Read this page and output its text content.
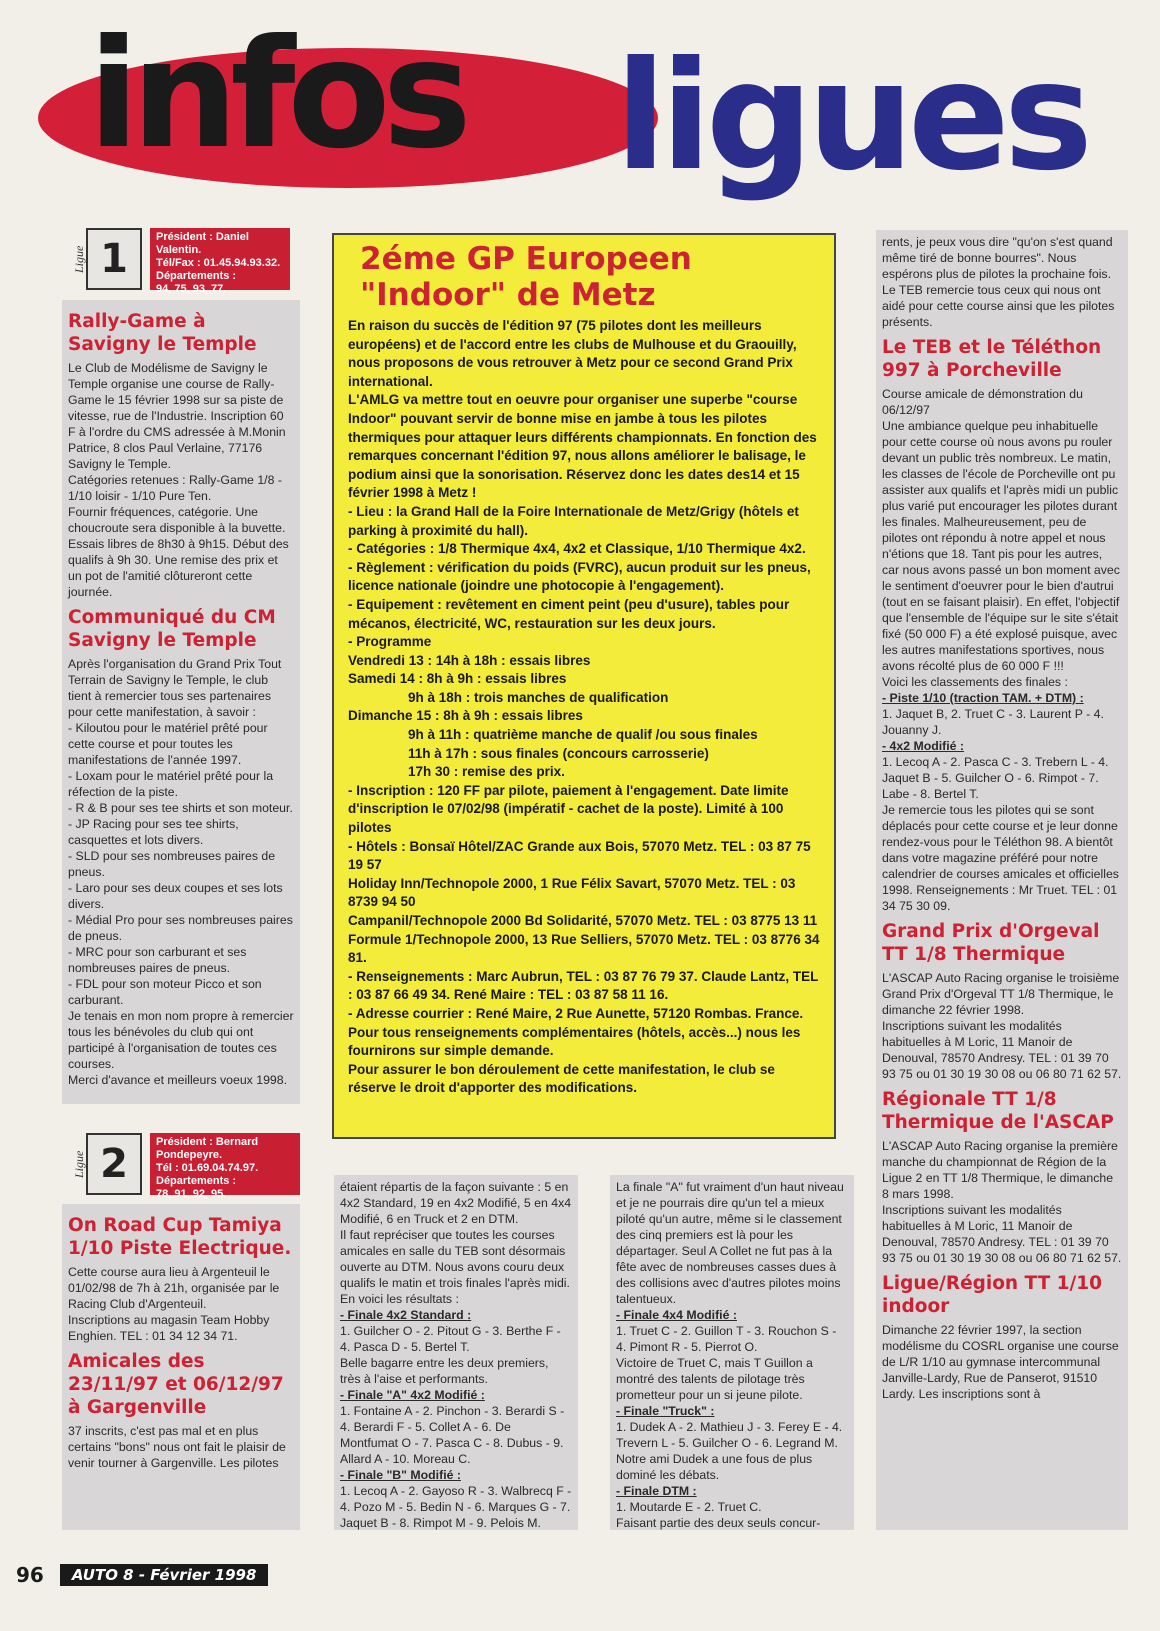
infos ligues
Ligue 1	Président : Daniel Valentin.
Tél/Fax : 01.45.94.93.32.
Départements :
94, 75, 93, 77.
Rally-Game à Savigny le Temple

Le Club de Modélisme de Savigny le Temple organise une course de Rally-Game le 15 février 1998 sur sa piste de vitesse, rue de l'Industrie. Inscription 60 F à l'ordre du CMS adressée à M.Monin Patrice, 8 clos Paul Verlaine, 77176 Savigny le Temple.
Catégories retenues : Rally-Game 1/8 - 1/10 loisir - 1/10 Pure Ten.
Fournir fréquences, catégorie. Une choucroute sera disponible à la buvette. Essais libres de 8h30 à 9h15. Début des qualifs à 9h 30. Une remise des prix et un pot de l'amitié clôtureront cette journée.

Communiqué du CM Savigny le Temple

Après l'organisation du Grand Prix Tout Terrain de Savigny le Temple, le club tient à remercier tous ses partenaires pour cette manifestation, à savoir :
- Kiloutou pour le matériel prêté pour cette course et pour toutes les manifestations de l'année 1997.
- Loxam pour le matériel prêté pour la réfection de la piste.
- R & B pour ses tee shirts et son moteur.
- JP Racing pour ses tee shirts, casquettes et lots divers.
- SLD pour ses nombreuses paires de pneus.
- Laro pour ses deux coupes et ses lots divers.
- Médial Pro pour ses nombreuses paires de pneus.
- MRC pour son carburant et ses nombreuses paires de pneus.
- FDL pour son moteur Picco et son carburant.
Je tenais en mon nom propre à remercier tous les bénévoles du club qui ont participé à l'organisation de toutes ces courses.
Merci d'avance et meilleurs voeux 1998.

2éme GP Europeen "Indoor" de Metz

En raison du succès de l'édition 97 (75 pilotes dont les meilleurs européens) et de l'accord entre les clubs de Mulhouse et du Graouilly, nous proposons de vous retrouver à Metz pour ce second Grand Prix international.

L'AMLG va mettre tout en oeuvre pour organiser une superbe "course Indoor" pouvant servir de bonne mise en jambe à tous les pilotes thermiques pour attaquer leurs différents championnats. En fonction des remarques concernant l'édition 97, nous allons améliorer le balisage, le podium ainsi que la sonorisation. Réservez donc les dates des14 et 15 février 1998 à Metz !

- Lieu : la Grand Hall de la Foire Internationale de Metz/Grigy (hôtels et parking à proximité du hall).

- Catégories : 1/8 Thermique 4x4, 4x2 et Classique, 1/10 Thermique 4x2.

- Règlement : vérification du poids (FVRC), aucun produit sur les pneus, licence nationale (joindre une photocopie à l'engagement).

- Equipement : revêtement en ciment peint (peu d'usure), tables pour mécanos, électricité, WC, restauration sur les deux jours.

- Programme

Vendredi 13 : 14h à 18h : essais libres

Samedi 14 : 8h à 9h : essais libres

9h à 18h : trois manches de qualification

Dimanche 15 : 8h à 9h : essais libres

9h à 11h : quatrième manche de qualif /ou sous finales

11h à 17h : sous finales (concours carrosserie)

17h 30 : remise des prix.

- Inscription : 120 FF par pilote, paiement à l'engagement. Date limite d'inscription le 07/02/98 (impératif - cachet de la poste). Limité à 100 pilotes

- Hôtels : Bonsaï Hôtel/ZAC Grande aux Bois, 57070 Metz. TEL : 03 87 75 19 57

Holiday Inn/Technopole 2000, 1 Rue Félix Savart, 57070 Metz. TEL : 03 8739 94 50

Campanil/Technopole 2000 Bd Solidarité, 57070 Metz. TEL : 03 8775 13 11

Formule 1/Technopole 2000, 13 Rue Selliers, 57070 Metz. TEL : 03 8776 34 81.

- Renseignements : Marc Aubrun, TEL : 03 87 76 79 37. Claude Lantz, TEL : 03 87 66 49 34. René Maire : TEL : 03 87 58 11 16.

- Adresse courrier : René Maire, 2 Rue Aunette, 57120 Rombas. France. Pour tous renseignements complémentaires (hôtels, accès...) nous les fournirons sur simple demande.

Pour assurer le bon déroulement de cette manifestation, le club se réserve le droit d'apporter des modifications.

rents, je peux vous dire "qu'on s'est quand même tiré de bonne bourres". Nous espérons plus de pilotes la prochaine fois.
Le TEB remercie tous ceux qui nous ont aidé pour cette course ainsi que les pilotes présents.

Le TEB et le Téléthon 997 à Porcheville

Course amicale de démonstration du 06/12/97
Une ambiance quelque peu inhabituelle pour cette course où nous avons pu rouler devant un public très nombreux. Le matin, les classes de l'école de Porcheville ont pu assister aux qualifs et l'après midi un public plus varié put encourager les pilotes durant les finales. Malheureusement, peu de pilotes ont répondu à notre appel et nous n'étions que 18. Tant pis pour les autres, car nous avons passé un bon moment avec le sentiment d'oeuvrer pour le bien d'autrui (tout en se faisant plaisir). En effet, l'objectif que l'ensemble de l'équipe sur le site s'était fixé (50 000 F) a été explosé puisque, avec les autres manifestations sportives, nous avons récolté plus de 60 000 F !!!
Voici les classements des finales :

- Piste 1/10 (traction TAM. + DTM) :

1. Jaquet B, 2. Truet C - 3. Laurent P - 4. Jouanny J.

- 4x2 Modifié :

1. Lecoq A - 2. Pasca C - 3. Trebern L - 4. Jaquet B - 5. Guilcher O - 6. Rimpot - 7. Labe - 8. Bertel T.
Je remercie tous les pilotes qui se sont déplacés pour cette course et je leur donne rendez-vous pour le Téléthon 98. A bientôt dans votre magazine préféré pour notre calendrier de courses amicales et officielles 1998. Renseignements : Mr Truet. TEL : 01 34 75 30 09.

Grand Prix d'Orgeval TT 1/8 Thermique

L'ASCAP Auto Racing organise le troisième Grand Prix d'Orgeval TT 1/8 Thermique, le dimanche 22 février 1998.
Inscriptions suivant les modalités habituelles à M Loric, 11 Manoir de Denouval, 78570 Andresy. TEL : 01 39 70 93 75 ou 01 30 19 30 08 ou 06 80 71 62 57.

Régionale TT 1/8 Thermique de l'ASCAP

L'ASCAP Auto Racing organise la première manche du championnat de Région de la Ligue 2 en TT 1/8 Thermique, le dimanche 8 mars 1998.
Inscriptions suivant les modalités habituelles à M Loric, 11 Manoir de Denouval, 78570 Andresy. TEL : 01 39 70 93 75 ou 01 30 19 30 08 ou 06 80 71 62 57.

Ligue/Région TT 1/10 indoor

Dimanche 22 février 1997, la section modélisme du COSRL organise une course de L/R 1/10 au gymnase intercommunal Janville-Lardy, Rue de Panserot, 91510 Lardy. Les inscriptions sont à

Ligue 2	Président : Bernard Pondepeyre.
Tél : 01.69.04.74.97.
Départements :
78, 91, 92, 95.
On Road Cup Tamiya 1/10 Piste Electrique.

Cette course aura lieu à Argenteuil le 01/02/98 de 7h à 21h, organisée par le Racing Club d'Argenteuil.
Inscriptions au magasin Team Hobby Enghien. TEL : 01 34 12 34 71.

Amicales des 23/11/97 et 06/12/97 à Gargenville

37 inscrits, c'est pas mal et en plus certains "bons" nous ont fait le plaisir de venir tourner à Gargenville. Les pilotes

étaient répartis de la façon suivante : 5 en 4x2 Standard, 19 en 4x2 Modifié, 5 en 4x4 Modifié, 6 en Truck et 2 en DTM.
Il faut repréciser que toutes les courses amicales en salle du TEB sont désormais ouverte au DTM. Nous avons couru deux qualifs le matin et trois finales l'après midi.
En voici les résultats :

- Finale 4x2 Standard :

1. Guilcher O - 2. Pitout G - 3. Berthe F - 4. Pasca D - 5. Bertel T.
Belle bagarre entre les deux premiers, très à l'aise et performants.

- Finale "A" 4x2 Modifié :

1. Fontaine A - 2. Pinchon - 3. Berardi S - 4. Berardi F - 5. Collet A - 6. De Montfumat O - 7. Pasca C - 8. Dubus - 9. Allard A - 10. Moreau C.

- Finale "B" Modifié :

1. Lecoq A - 2. Gayoso R - 3. Walbrecq F - 4. Pozo M - 5. Bedin N - 6. Marques G - 7. Jaquet B - 8. Rimpot M - 9. Pelois M.

La finale "A" fut vraiment d'un haut niveau et je ne pourrais dire qu'un tel a mieux piloté qu'un autre, même si le classement des cinq premiers est là pour les départager. Seul A Collet ne fut pas à la fête avec de nombreuses casses dues à des collisions avec d'autres pilotes moins talentueux.

- Finale 4x4 Modifié :

1. Truet C - 2. Guillon T - 3. Rouchon S - 4. Pimont R - 5. Pierrot O.
Victoire de Truet C, mais T Guillon a montré des talents de pilotage très prometteur pour un si jeune pilote.

- Finale "Truck" :

1. Dudek A - 2. Mathieu J - 3. Ferey E - 4. Trevern L - 5. Guilcher O - 6. Legrand M. Notre ami Dudek a une fous de plus dominé les débats.

- Finale DTM :

1. Moutarde E - 2. Truet C.
Faisant partie des deux seuls concur-

96	AUTO 8 - Février 1998
